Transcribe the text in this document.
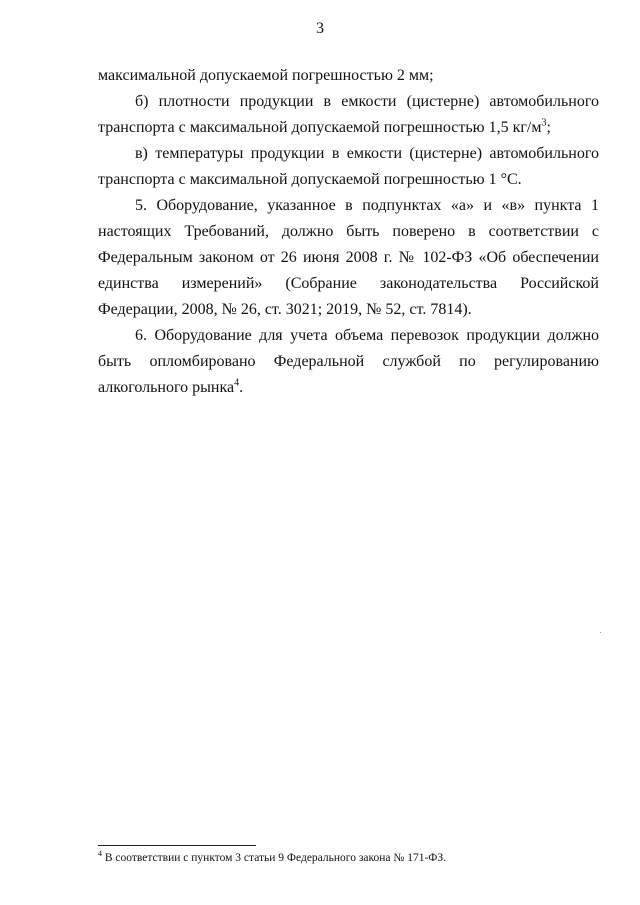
3

максимальной допускаемой погрешностью 2 мм;

б) плотности продукции в емкости (цистерне) автомобильного транспорта с максимальной допускаемой погрешностью 1,5 $кг/м^3$;

в) температуры продукции в емкости (цистерне) автомобильного транспорта с максимальной допускаемой погрешностью 1 °С.

5. Оборудование, указанное в подпунктах «а» и «в» пункта 1 настоящих Требований, должно быть поверено в соответствии с Федеральным законом от 26 июня 2008 г. № 102-ФЗ «Об обеспечении единства измерений» (Собрание законодательства Российской Федерации, 2008, № 26, ст. 3021; 2019, № 52, ст. 7814).

6. Оборудование для учета объема перевозок продукции должно быть опломбировано Федеральной службой по регулированию алкогольного рынка$^4$.

$^4$ В соответствии с пунктом 3 статьи 9 Федерального закона № 171-ФЗ.
